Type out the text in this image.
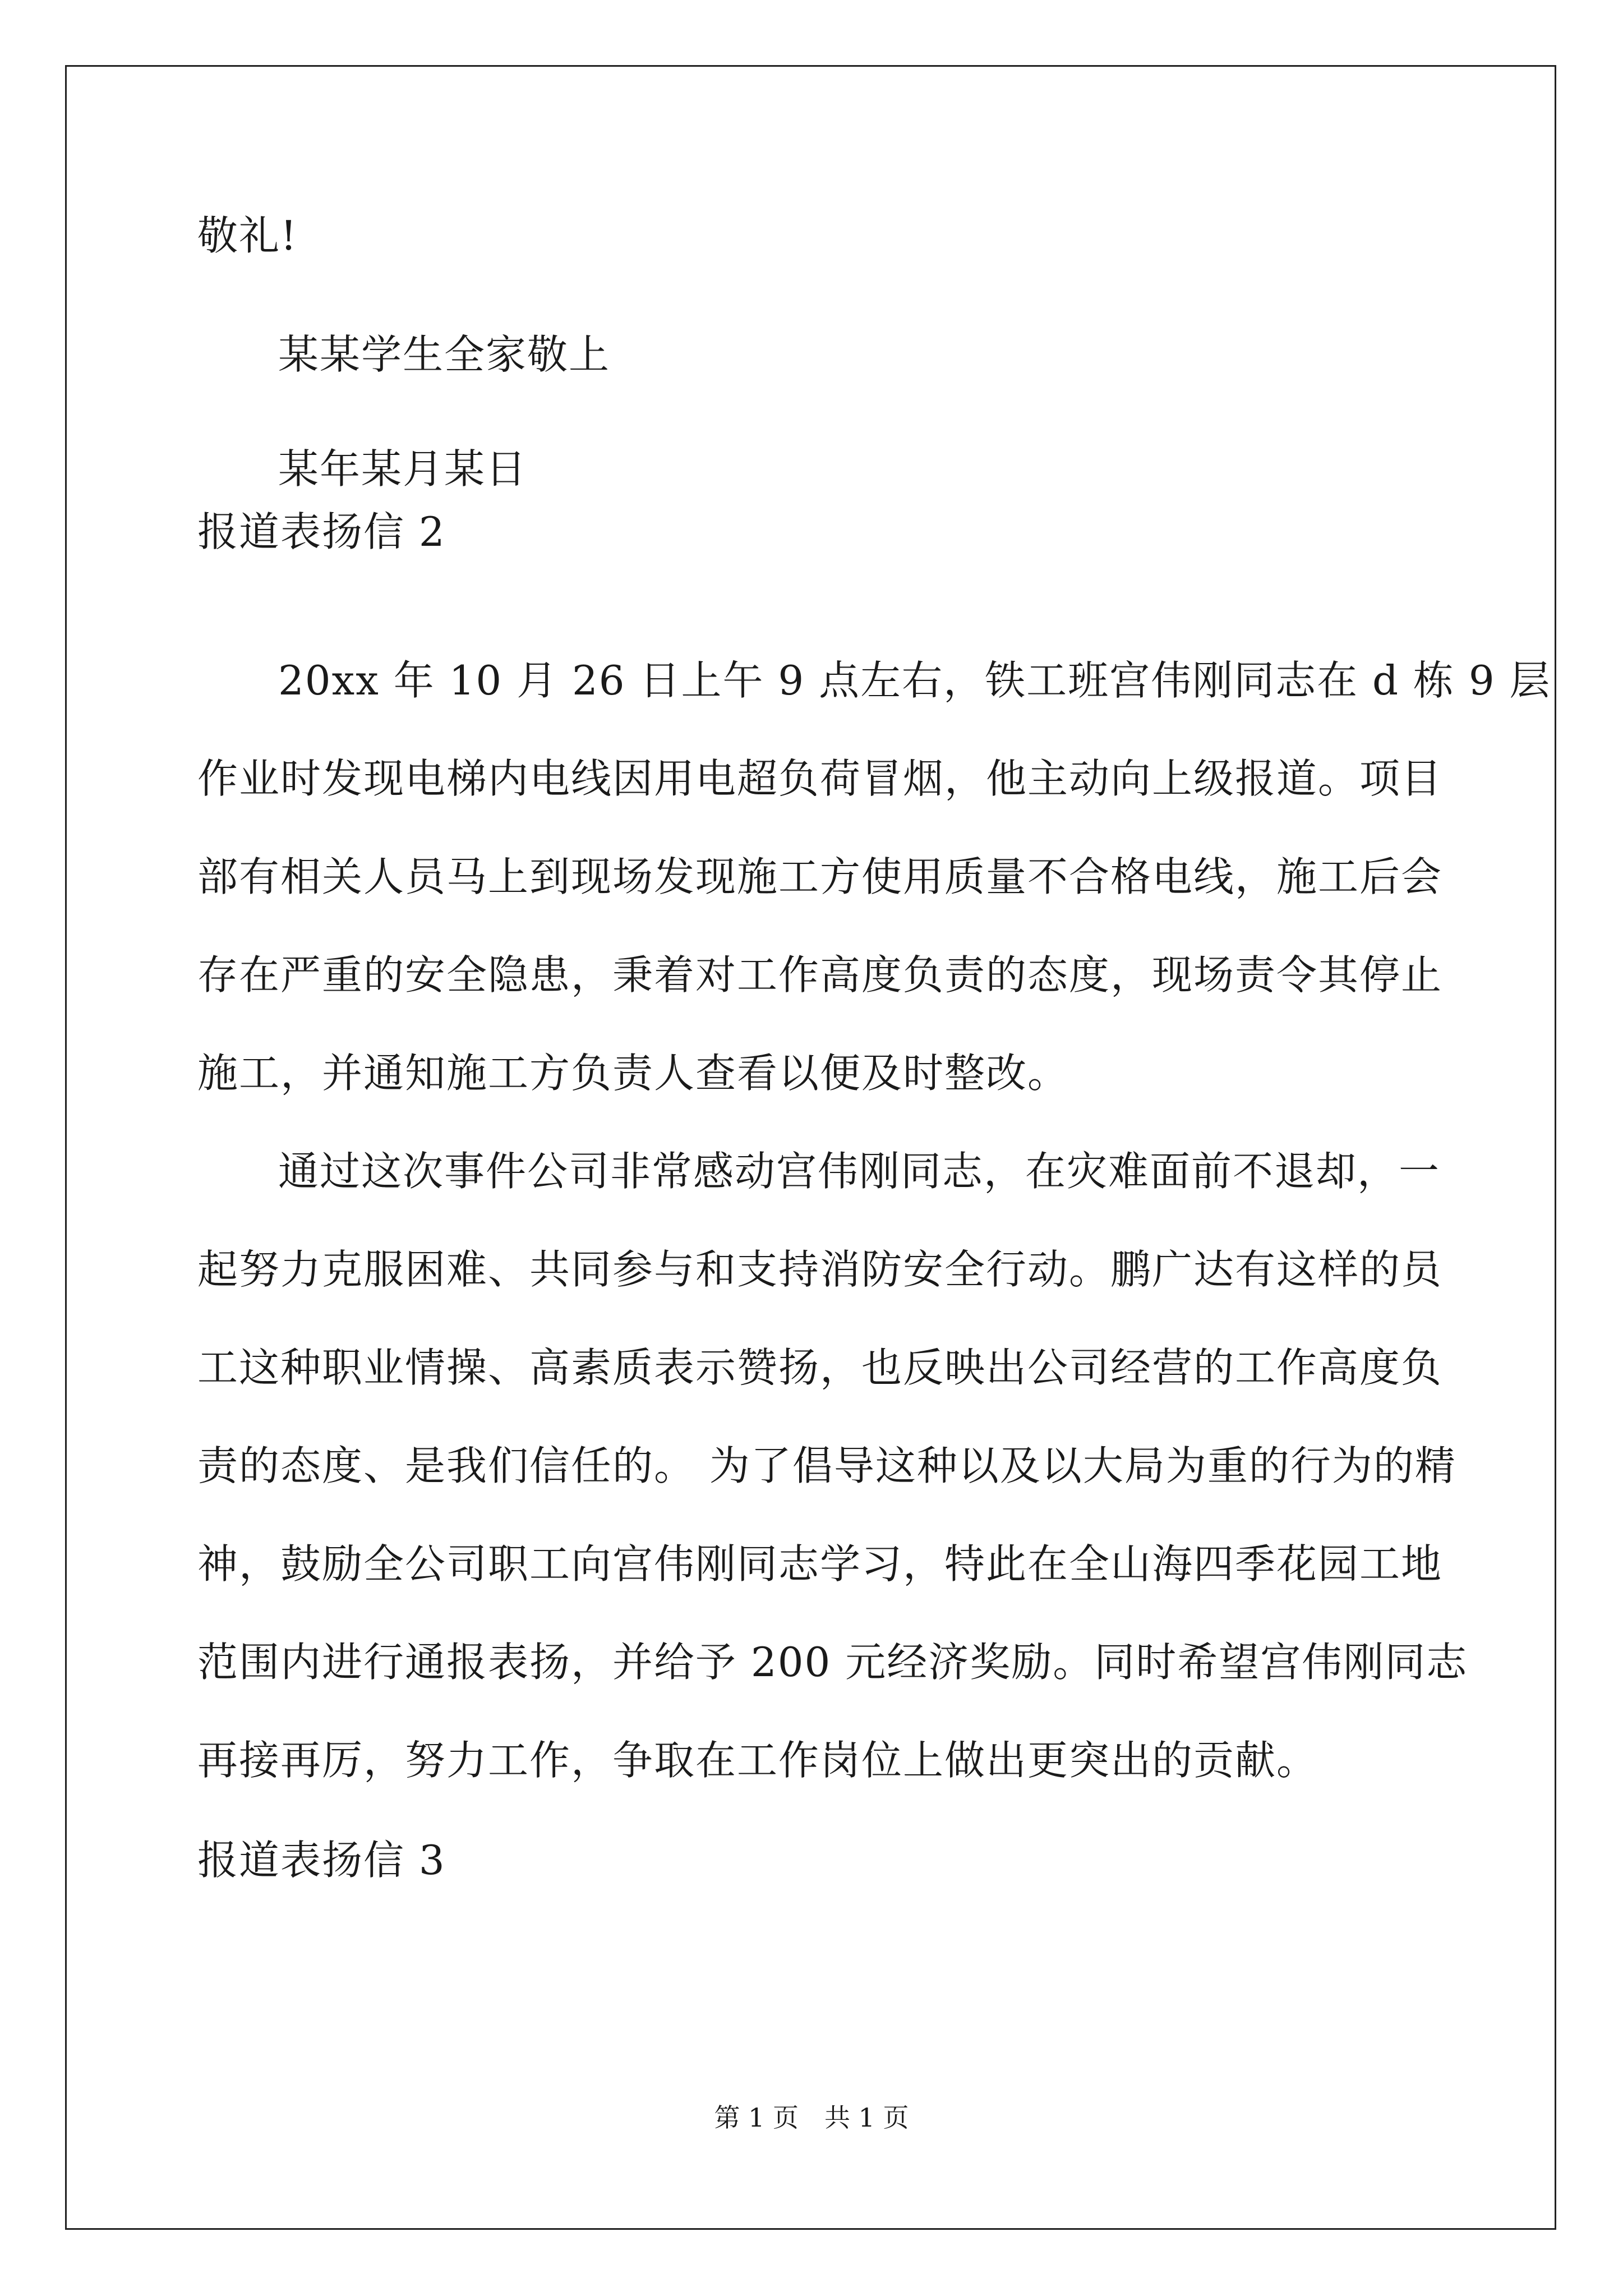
敬礼!
某某学生全家敬上
某年某月某日
报道表扬信 2
20xx 年 10 月 26 日上午 9 点左右，铁工班宫伟刚同志在 d 栋 9 层
作业时发现电梯内电线因用电超负荷冒烟，他主动向上级报道。项目
部有相关人员马上到现场发现施工方使用质量不合格电线，施工后会
存在严重的安全隐患，秉着对工作高度负责的态度，现场责令其停止
施工，并通知施工方负责人查看以便及时整改。
通过这次事件公司非常感动宫伟刚同志，在灾难面前不退却，一
起努力克服困难、共同参与和支持消防安全行动。鹏广达有这样的员
工这种职业情操、高素质表示赞扬，也反映出公司经营的工作高度负
责的态度、是我们信任的。 为了倡导这种以及以大局为重的行为的精
神，鼓励全公司职工向宫伟刚同志学习，特此在全山海四季花园工地
范围内进行通报表扬，并给予 200 元经济奖励。同时希望宫伟刚同志
再接再厉，努力工作，争取在工作岗位上做出更突出的贡献。
报道表扬信 3
第 1 页　共 1 页
